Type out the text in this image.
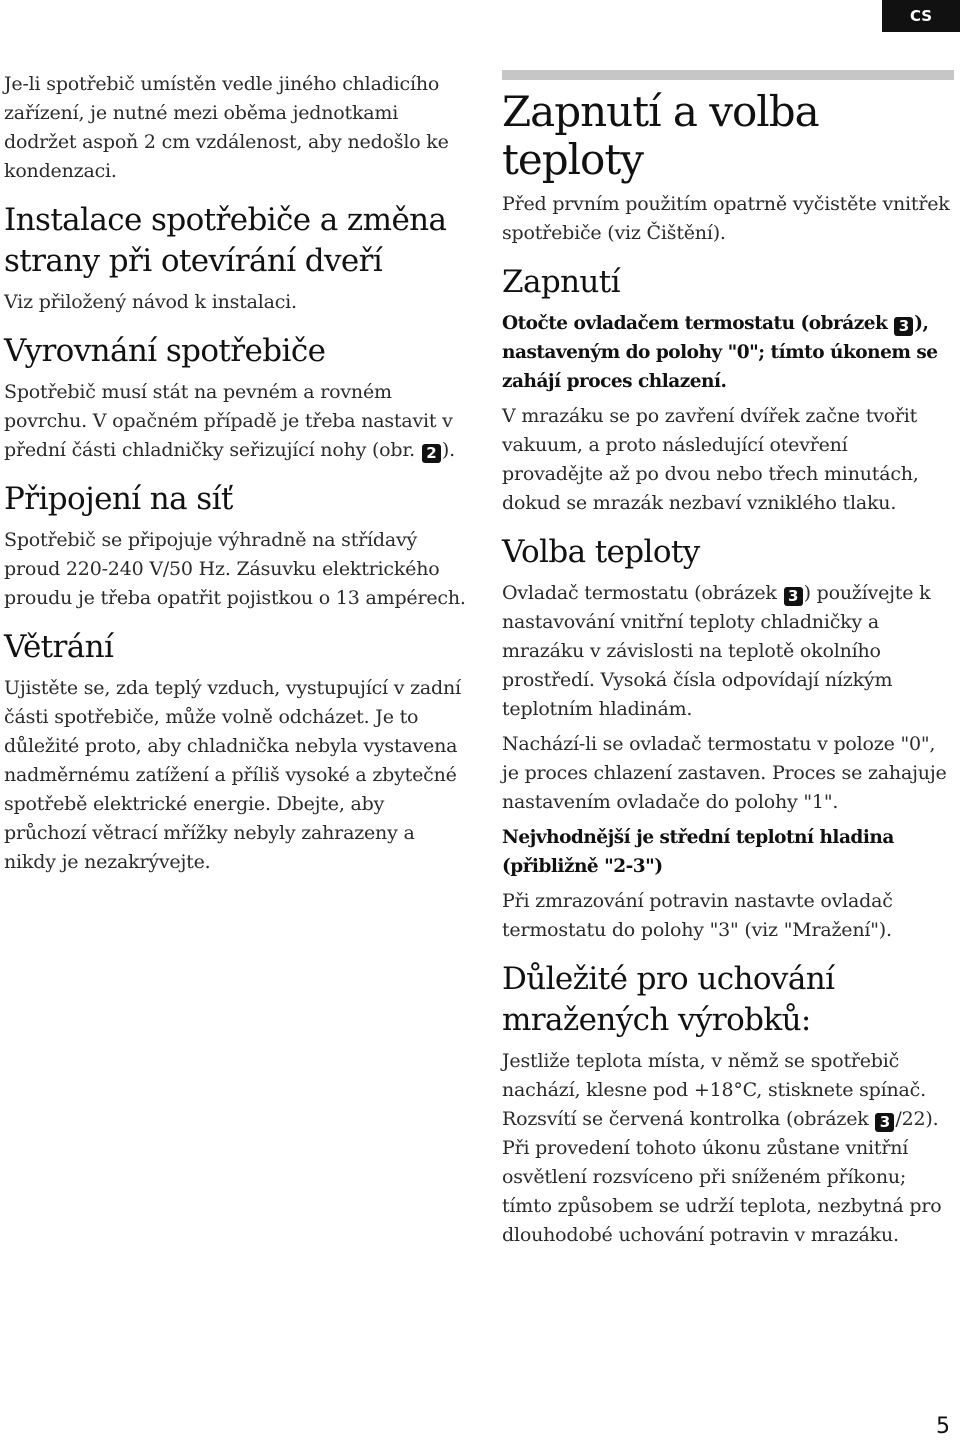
CS

Je-li spotřebič umístěn vedle jiného chladicího zařízení, je nutné mezi oběma jednotkami dodržet aspoň 2 cm vzdálenost, aby nedošlo ke kondenzaci.

Instalace spotřebiče a změna strany při otevírání dveří

Viz přiložený návod k instalaci.

Vyrovnání spotřebiče

Spotřebič musí stát na pevném a rovném povrchu. V opačném případě je třeba nastavit v přední části chladničky seřizující nohy (obr. 2 ).

Připojení na síť

Spotřebič se připojuje výhradně na střídavý proud 220-240 V/50 Hz. Zásuvku elektrického proudu je třeba opatřit pojistkou o 13 ampérech.

Větrání

Ujistěte se, zda teplý vzduch, vystupující v zadní části spotřebiče, může volně odcházet. Je to důležité proto, aby chladnička nebyla vystavena nadměrnému zatížení a příliš vysoké a zbytečné spotřebě elektrické energie. Dbejte, aby průchozí větrací mřížky nebyly zahrazeny a nikdy je nezakrývejte.

Zapnutí a volba teploty

Před prvním použitím opatrně vyčistěte vnitřek spotřebiče (viz Čištění).

Zapnutí

Otočte ovladačem termostatu (obrázek 3 ), nastaveným do polohy "0"; tímto úkonem se zahájí proces chlazení.

V mrazáku se po zavření dvířek začne tvořit vakuum, a proto následující otevření provadějte až po dvou nebo třech minutách, dokud se mrazák nezbaví vzniklého tlaku.

Volba teploty

Ovladač termostatu (obrázek 3 ) používejte k nastavování vnitřní teploty chladničky a mrazáku v závislosti na teplotě okolního prostředí. Vysoká čísla odpovídají nízkým teplotním hladinám.

Nachází-li se ovladač termostatu v poloze "0", je proces chlazení zastaven. Proces se zahajuje nastavením ovladače do polohy "1".

Nejvhodnější je střední teplotní hladina (přibližně "2-3")

Při zmrazování potravin nastavte ovladač termostatu do polohy "3" (viz "Mražení").

Důležité pro uchování mražených výrobků:

Jestliže teplota místa, v němž se spotřebič nachází, klesne pod +18°C, stisknete spínač. Rozsvítí se červená kontrolka (obrázek 3 /22). Při provedení tohoto úkonu zůstane vnitřní osvětlení rozsvíceno při sníženém příkonu; tímto způsobem se udrží teplota, nezbytná pro dlouhodobé uchování potravin v mrazáku.

5
